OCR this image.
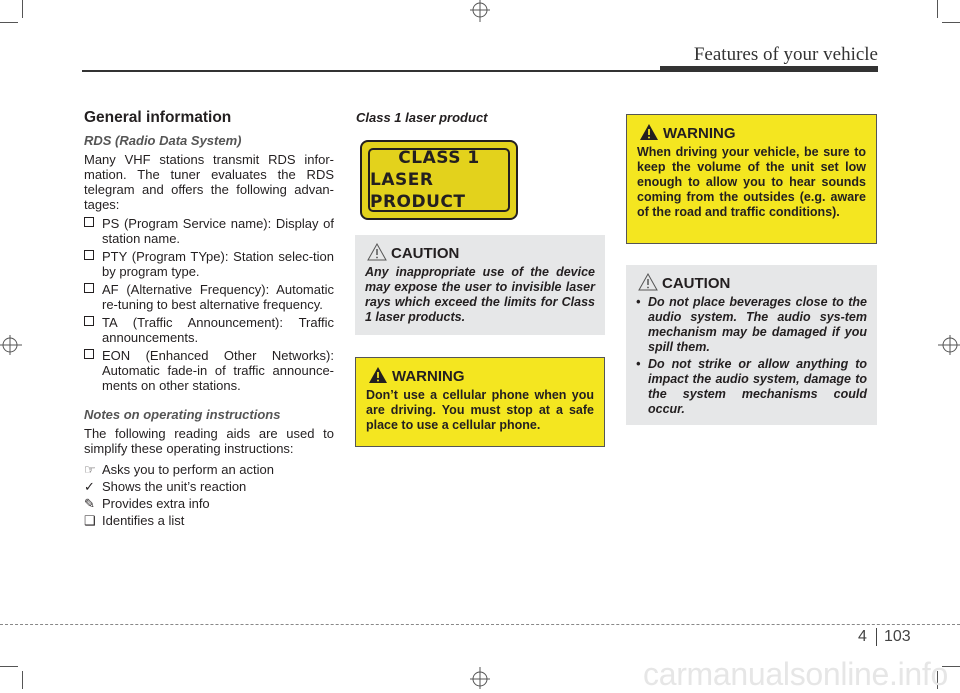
Features of your vehicle
General information
RDS (Radio Data System)
Many VHF stations transmit RDS infor-mation. The tuner evaluates the RDS telegram and offers the following advan-tages:
PS (Program Service name): Display of station name.
PTY (Program TYpe): Station selec-tion by program type.
AF (Alternative Frequency): Automatic re-tuning to best alternative frequency.
TA (Traffic Announcement): Traffic announcements.
EON (Enhanced Other Networks): Automatic fade-in of traffic announce-ments on other stations.
Notes on operating instructions
The following reading aids are used to simplify these operating instructions:
☞ Asks you to perform an action
✓ Shows the unit’s reaction
✎ Provides extra info
❑ Identifies a list
Class 1 laser product
CLASS 1
LASER PRODUCT
CAUTION
Any inappropriate use of the device may expose the user to invisible laser rays which exceed the limits for Class 1 laser products.
WARNING
Don’t use a cellular phone when you are driving. You must stop at a safe place to use a cellular phone.
WARNING
When driving your vehicle, be sure to keep the volume of the unit set low enough to allow you to hear sounds coming from the outsides (e.g. aware of the road and traffic conditions).
CAUTION
• Do not place beverages close to the audio system. The audio sys-tem mechanism may be damaged if you spill them.
• Do not strike or allow anything to impact the audio system, damage to the system mechanisms could occur.
4 103
carmanualsonline.info
